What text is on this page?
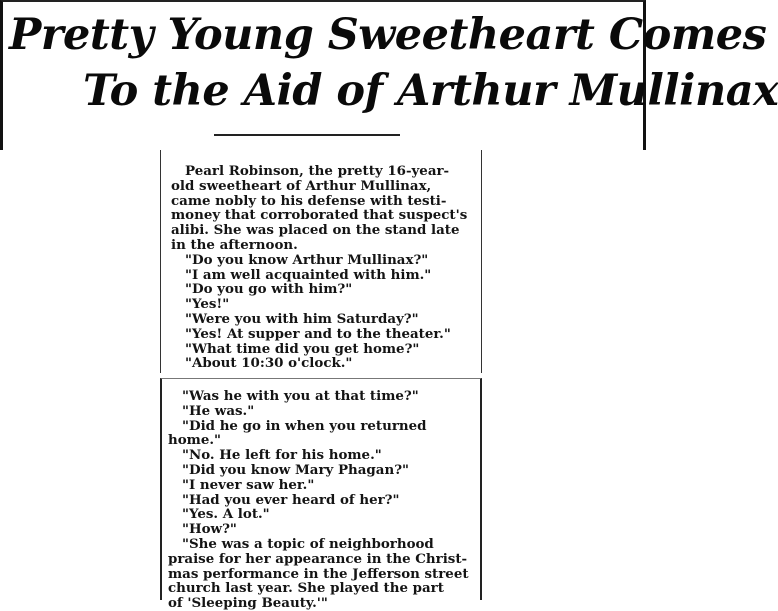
Pretty Young Sweetheart Comes
To the Aid of Arthur Mullinax

Pearl Robinson, the pretty 16-year-

old sweetheart of Arthur Mullinax,

came nobly to his defense with testi-

money that corroborated that suspect's

alibi. She was placed on the stand late

in the afternoon.

"Do you know Arthur Mullinax?"

"I am well acquainted with him."

"Do you go with him?"

"Yes!"

"Were you with him Saturday?"

"Yes! At supper and to the theater."

"What time did you get home?"

"About 10:30 o'clock."

"Was he with you at that time?"

"He was."

"Did he go in when you returned

home."

"No. He left for his home."

"Did you know Mary Phagan?"

"I never saw her."

"Had you ever heard of her?"

"Yes. A lot."

"How?"

"She was a topic of neighborhood

praise for her appearance in the Christ-

mas performance in the Jefferson street

church last year. She played the part

of 'Sleeping Beauty.'"
